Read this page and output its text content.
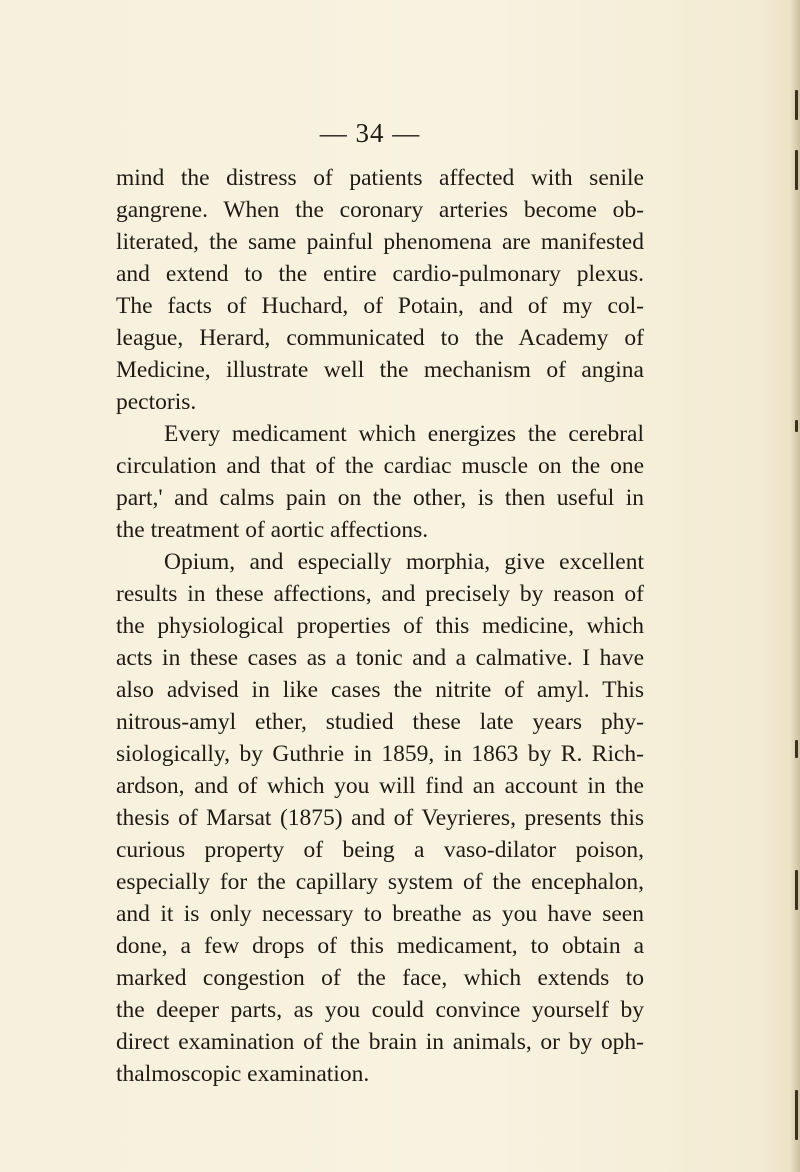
— 34 —
mind the distress of patients affected with senile
gangrene. When the coronary arteries become ob-
literated, the same painful phenomena are manifested
and extend to the entire cardio-pulmonary plexus.
The facts of Huchard, of Potain, and of my col-
league, Herard, communicated to the Academy of
Medicine, illustrate well the mechanism of angina
pectoris.
Every medicament which energizes the cerebral
circulation and that of the cardiac muscle on the one
part,' and calms pain on the other, is then useful in
the treatment of aortic affections.
Opium, and especially morphia, give excellent
results in these affections, and precisely by reason of
the physiological properties of this medicine, which
acts in these cases as a tonic and a calmative. I have
also advised in like cases the nitrite of amyl. This
nitrous-amyl ether, studied these late years phy-
siologically, by Guthrie in 1859, in 1863 by R. Rich-
ardson, and of which you will find an account in the
thesis of Marsat (1875) and of Veyrieres, presents this
curious property of being a vaso-dilator poison,
especially for the capillary system of the encephalon,
and it is only necessary to breathe as you have seen
done, a few drops of this medicament, to obtain a
marked congestion of the face, which extends to
the deeper parts, as you could convince yourself by
direct examination of the brain in animals, or by oph-
thalmoscopic examination.
